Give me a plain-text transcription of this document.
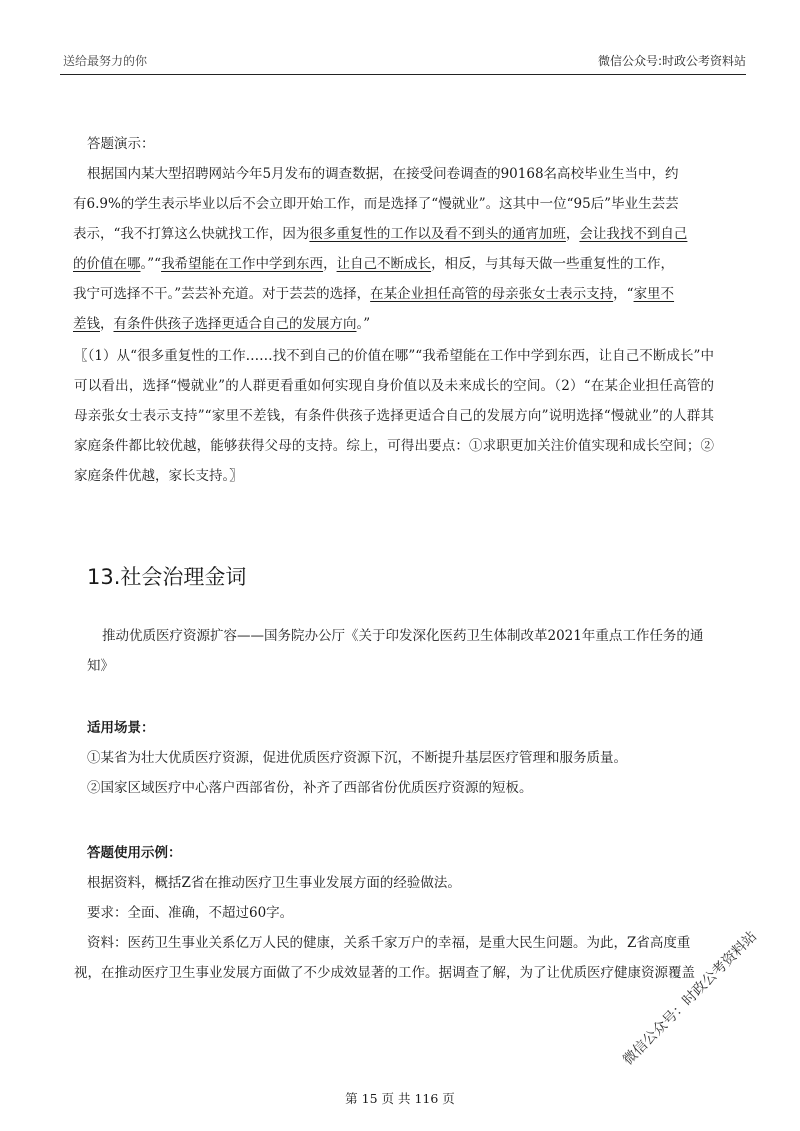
送给最努力的你	微信公众号:时政公考资料站
答题演示：
根据国内某大型招聘网站今年5月发布的调查数据，在接受问卷调查的90168名高校毕业生当中，约
有6.9%的学生表示毕业以后不会立即开始工作，而是选择了“慢就业”。这其中一位“95后”毕业生芸芸
表示，“我不打算这么快就找工作，因为很多重复性的工作以及看不到头的通宵加班，会让我找不到自己
的价值在哪。”“我希望能在工作中学到东西，让自己不断成长，相反，与其每天做一些重复性的工作，
我宁可选择不干。”芸芸补充道。对于芸芸的选择，在某企业担任高管的母亲张女士表示支持，“家里不
差钱，有条件供孩子选择更适合自己的发展方向。”
〖（1）从“很多重复性的工作……找不到自己的价值在哪”“我希望能在工作中学到东西，让自己不断成长”中可以看出，选择“慢就业”的人群更看重如何实现自身价值以及未来成长的空间。（2）“在某企业担任高管的母亲张女士表示支持”“家里不差钱，有条件供孩子选择更适合自己的发展方向”说明选择“慢就业”的人群其家庭条件都比较优越，能够获得父母的支持。综上，可得出要点：①求职更加关注价值实现和成长空间；②家庭条件优越，家长支持。〗
13.社会治理金词
推动优质医疗资源扩容——国务院办公厅《关于印发深化医药卫生体制改革2021年重点工作任务的通
知》
适用场景：
①某省为壮大优质医疗资源，促进优质医疗资源下沉，不断提升基层医疗管理和服务质量。
②国家区域医疗中心落户西部省份，补齐了西部省份优质医疗资源的短板。
答题使用示例：
根据资料，概括Z省在推动医疗卫生事业发展方面的经验做法。
要求：全面、准确，不超过60字。
资料：医药卫生事业关系亿万人民的健康，关系千家万户的幸福，是重大民生问题。为此，Z省高度重
视，在推动医疗卫生事业发展方面做了不少成效显著的工作。据调查了解，为了让优质医疗健康资源覆盖
第 15 页 共 116 页
微信公众号：时政公考资料站
